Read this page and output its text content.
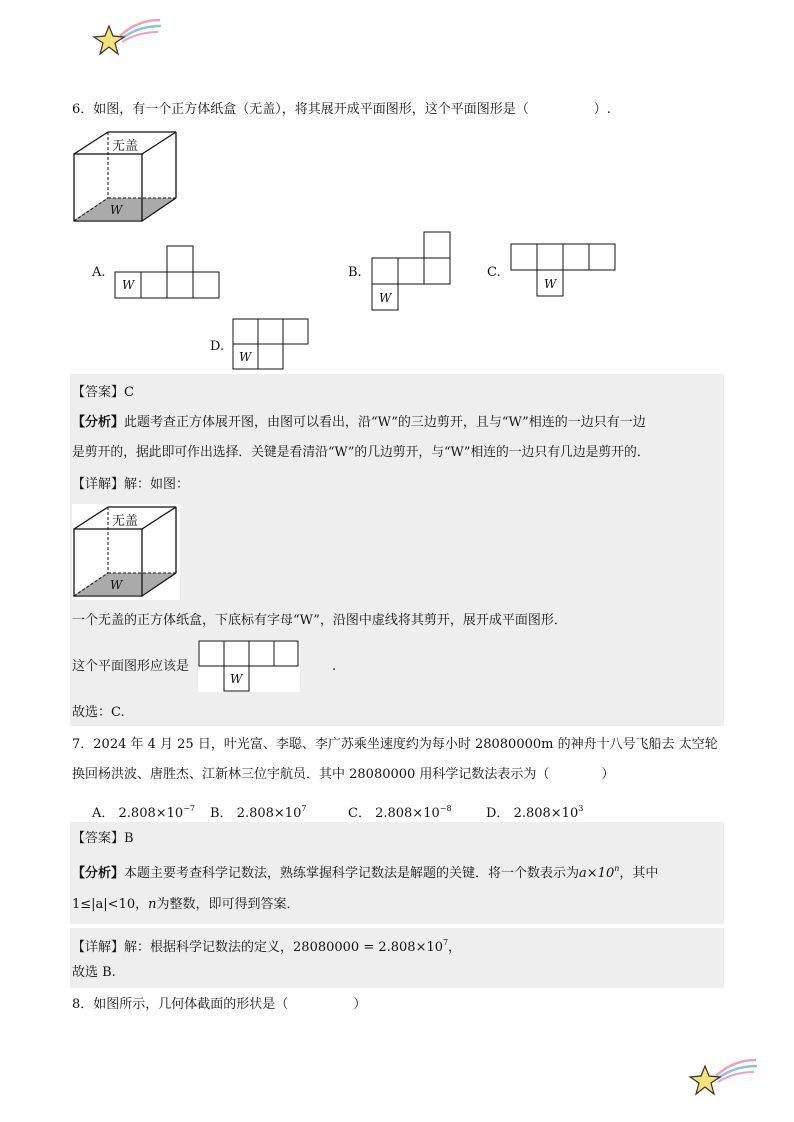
6．如图，有一个正方体纸盒（无盖），将其展开成平面图形，这个平面图形是（　　　　　）.
无盖
W
A.
W
B.
W
C.
W
D.
W
【答案】C
【分析】此题考查正方体展开图，由图可以看出，沿“W”的三边剪开，且与“W”相连的一边只有一边
是剪开的，据此即可作出选择．关键是看清沿“W”的几边剪开，与“W”相连的一边只有几边是剪开的．
【详解】解：如图：
无盖
W
一个无盖的正方体纸盒，下底标有字母“W”，沿图中虚线将其剪开，展开成平面图形．
这个平面图形应该是
W
.
故选：C.
7．2024 年 4 月 25 日，叶光富、李聪、李广苏乘坐速度约为每小时 28080000m 的神舟十八号飞船去 太空轮
换回杨洪波、唐胜杰、江新林三位宇航员．其中 28080000 用科学记数法表示为（　　　　）
A． $2.808\times 10^{-7}$ B． $2.808\times 10^7$	C． $2.808\times 10^{-8}$	D． $2.808\times 10^3$
【答案】B
【分析】本题主要考查科学记数法，熟练掌握科学记数法是解题的关键．将一个数表示为$a\times 10^n$，其中
1≤|a|<10，n为整数，即可得到答案．
【详解】解：根据科学记数法的定义，$28080000 = 2.808\times 10^7$，
故选 B.
8．如图所示，几何体截面的形状是（　　　　　）
